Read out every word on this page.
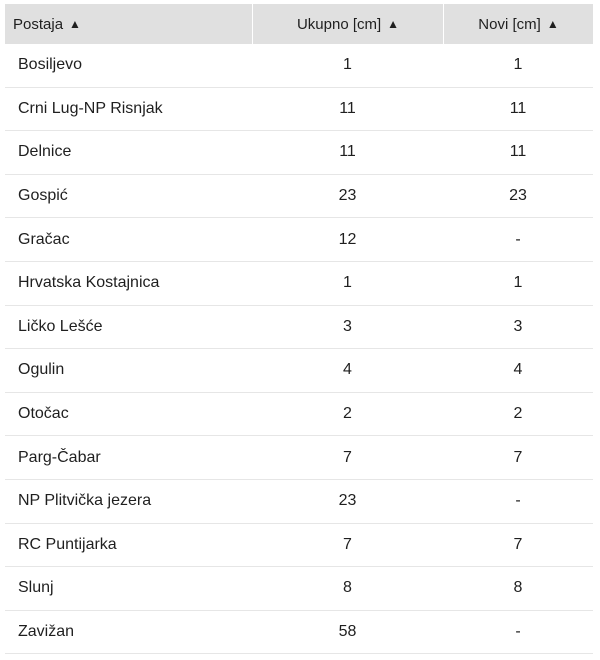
Postaja ▲	Ukupno [cm] ▲	Novi [cm] ▲
Bosiljevo	1	1
Crni Lug-NP Risnjak	11	11
Delnice	11	11
Gospić	23	23
Gračac	12	-
Hrvatska Kostajnica	1	1
Ličko Lešće	3	3
Ogulin	4	4
Otočac	2	2
Parg-Čabar	7	7
NP Plitvička jezera	23	-
RC Puntijarka	7	7
Slunj	8	8
Zavižan	58	-
